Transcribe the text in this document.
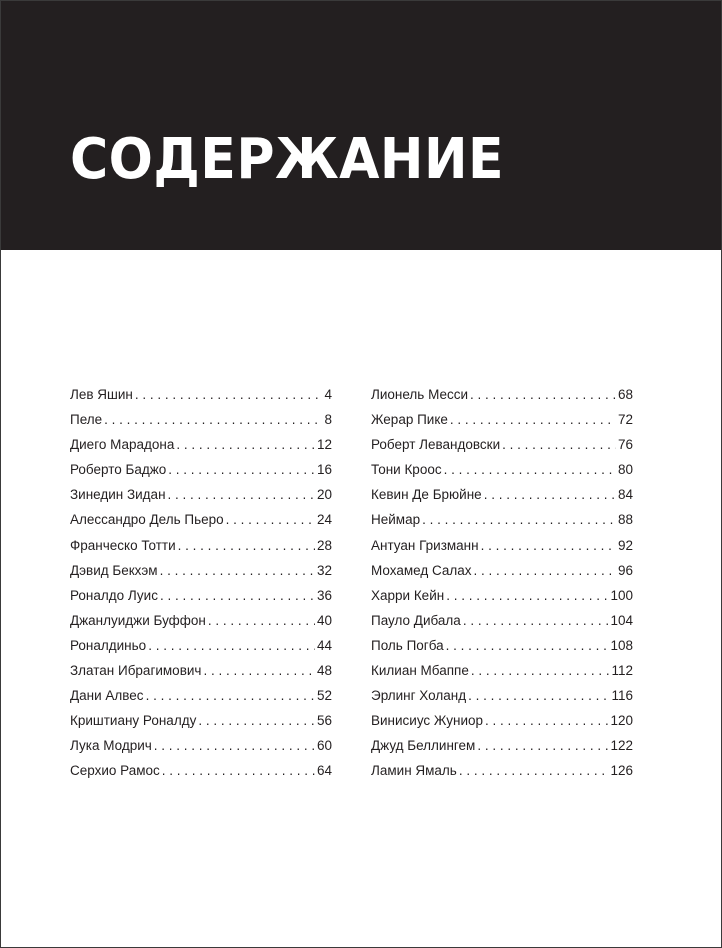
СОДЕРЖАНИЕ
Лев Яшин . . .	4
Пеле . . .	8
Диего Марадона . . .	12
Роберто Баджо . . .	16
Зинедин Зидан . . .	20
Алессандро Дель Пьеро . . .	24
Франческо Тотти . . .	28
Дэвид Бекхэм . . .	32
Роналдо Луис . . .	36
Джанлуиджи Буффон . . .	40
Роналдиньо . . .	44
Златан Ибрагимович . . .	48
Дани Алвес . . .	52
Криштиану Роналду . . .	56
Лука Модрич . . .	60
Серхио Рамос . . .	64
Лионель Месси . . .	68
Жерар Пике . . .	72
Роберт Левандовски . . .	76
Тони Кроос . . .	80
Кевин Де Брюйне . . .	84
Неймар . . .	88
Антуан Гризманн . . .	92
Мохамед Салах . . .	96
Харри Кейн . . .	100
Пауло Дибала . . .	104
Поль Погба . . .	108
Килиан Мбаппе . . .	112
Эрлинг Холанд . . .	116
Винисиус Жуниор . . .	120
Джуд Беллингем . . .	122
Ламин Ямаль . . .	126
